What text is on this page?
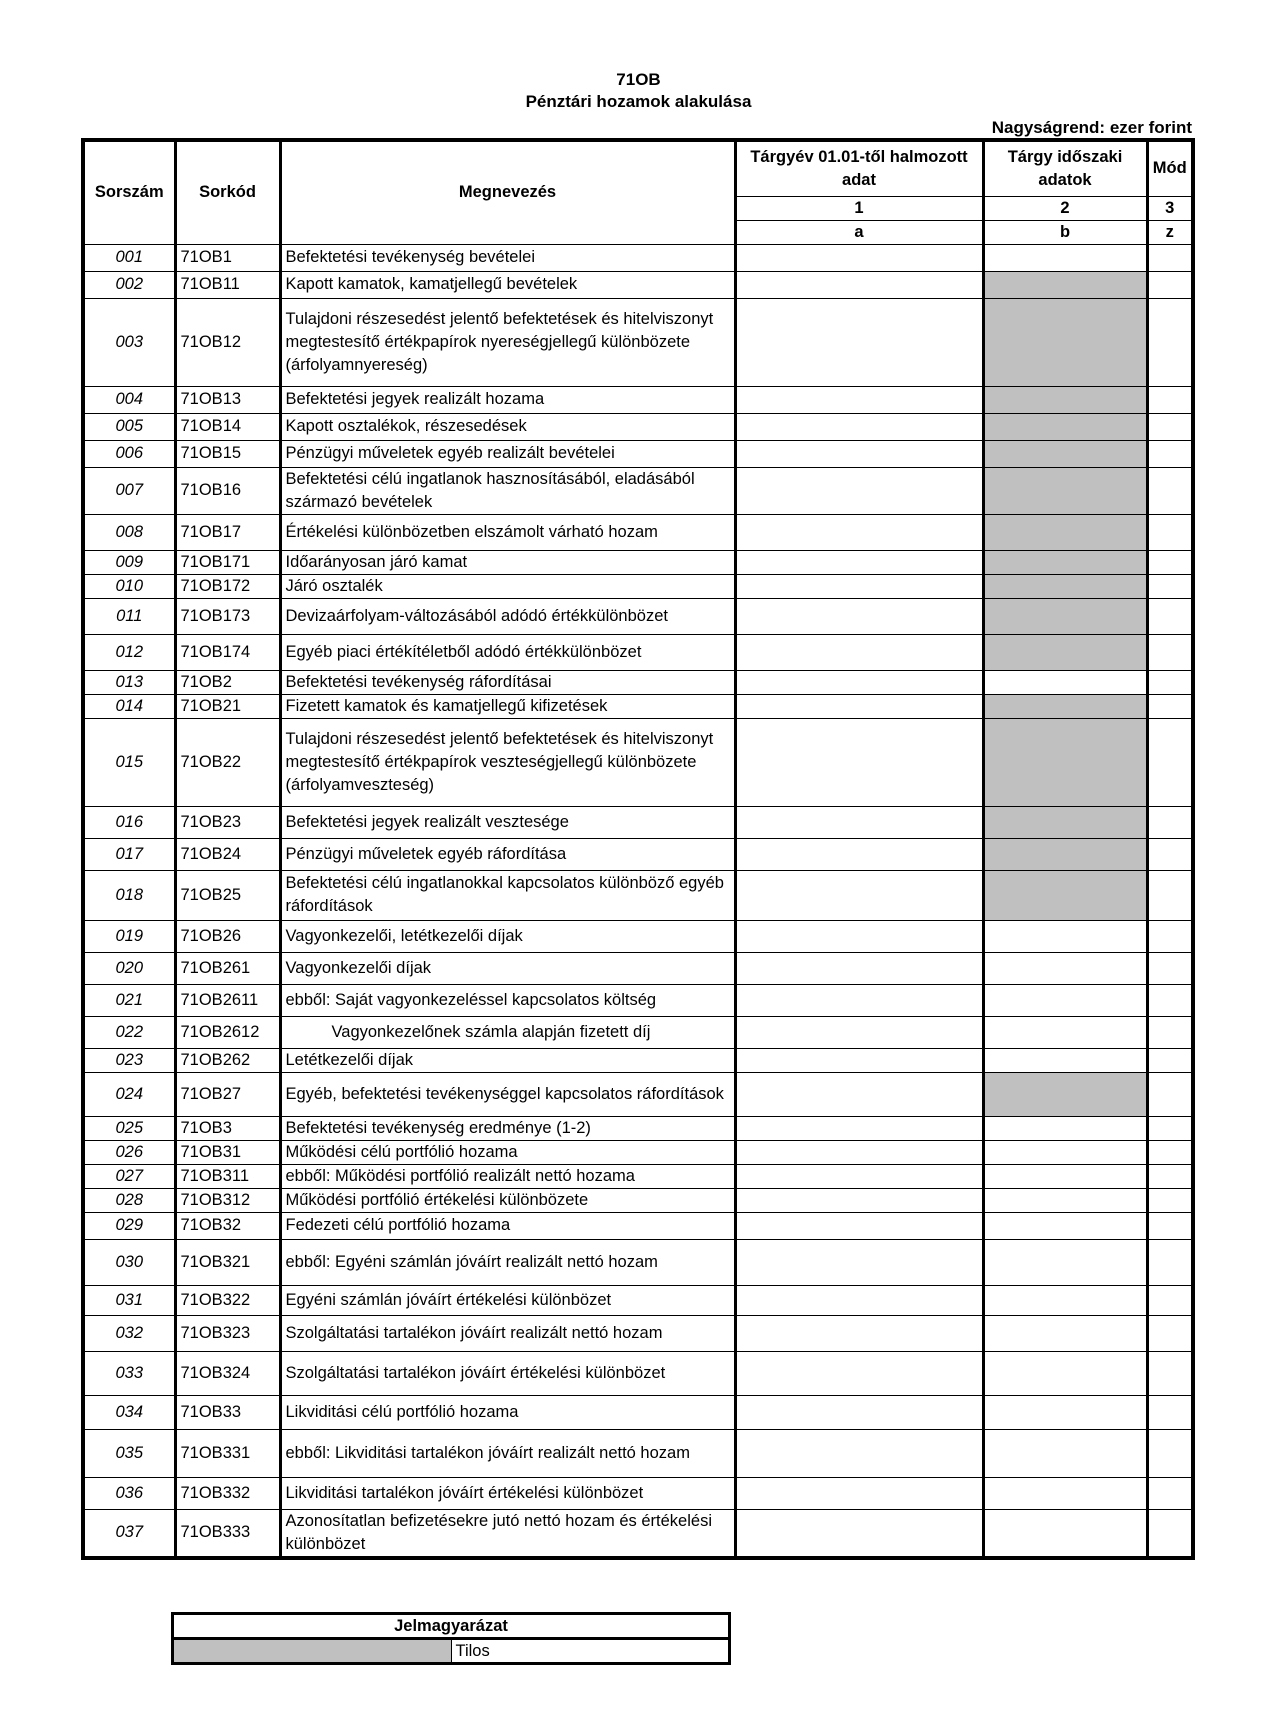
71OB
Pénztári hozamok alakulása
Nagyságrend: ezer forint
Sorszám	Sorkód	Megnevezés	Tárgyév 01.01-től halmozott adat	Tárgy időszaki adatok	Mód
			1	2	3
			a	b	z
001	71OB1	Befektetési tevékenység bevételei			
002	71OB11	Kapott kamatok, kamatjellegű bevételek			
003	71OB12	Tulajdoni részesedést jelentő befektetések és hitelviszonyt megtestesítő értékpapírok nyereségjellegű különbözete (árfolyamnyereség)			
004	71OB13	Befektetési jegyek realizált hozama			
005	71OB14	Kapott osztalékok, részesedések			
006	71OB15	Pénzügyi műveletek egyéb realizált bevételei			
007	71OB16	Befektetési célú ingatlanok hasznosításából, eladásából származó bevételek			
008	71OB17	Értékelési különbözetben elszámolt várható hozam			
009	71OB171	Időarányosan járó kamat			
010	71OB172	Járó osztalék			
011	71OB173	Devizaárfolyam-változásából adódó értékkülönbözet			
012	71OB174	Egyéb piaci értékítéletből adódó értékkülönbözet			
013	71OB2	Befektetési tevékenység ráfordításai			
014	71OB21	Fizetett kamatok és kamatjellegű kifizetések			
015	71OB22	Tulajdoni részesedést jelentő befektetések és hitelviszonyt megtestesítő értékpapírok veszteségjellegű különbözete (árfolyamveszteség)			
016	71OB23	Befektetési jegyek realizált vesztesége			
017	71OB24	Pénzügyi műveletek egyéb ráfordítása			
018	71OB25	Befektetési célú ingatlanokkal kapcsolatos különböző egyéb ráfordítások			
019	71OB26	Vagyonkezelői, letétkezelői díjak			
020	71OB261	Vagyonkezelői díjak			
021	71OB2611	ebből: Saját vagyonkezeléssel kapcsolatos költség			
022	71OB2612	Vagyonkezelőnek számla alapján fizetett díj			
023	71OB262	Letétkezelői díjak			
024	71OB27	Egyéb, befektetési tevékenységgel kapcsolatos ráfordítások			
025	71OB3	Befektetési tevékenység eredménye (1-2)			
026	71OB31	Működési célú portfólió hozama			
027	71OB311	ebből: Működési portfólió realizált nettó hozama			
028	71OB312	Működési portfólió értékelési különbözete			
029	71OB32	Fedezeti célú portfólió hozama			
030	71OB321	ebből: Egyéni számlán jóváírt realizált nettó hozam			
031	71OB322	Egyéni számlán jóváírt értékelési különbözet			
032	71OB323	Szolgáltatási tartalékon jóváírt realizált nettó hozam			
033	71OB324	Szolgáltatási tartalékon jóváírt értékelési különbözet			
034	71OB33	Likviditási célú portfólió hozama			
035	71OB331	ebből: Likviditási tartalékon jóváírt realizált nettó hozam			
036	71OB332	Likviditási tartalékon jóváírt értékelési különbözet			
037	71OB333	Azonosítatlan befizetésekre jutó nettó hozam és értékelési különbözet			
Jelmagyarázat
	Tilos
